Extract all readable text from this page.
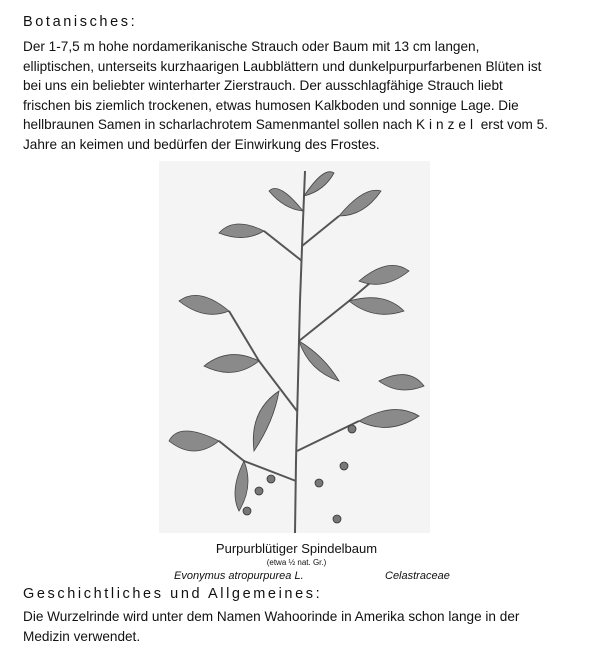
Botanisches:
Der 1-7,5 m hohe nordamerikanische Strauch oder Baum mit 13 cm langen,
elliptischen, unterseits kurzhaarigen Laubblättern und dunkelpurpurfarbenen Blüten ist
bei uns ein beliebter winterharter Zierstrauch. Der ausschlagfähige Strauch liebt
frischen bis ziemlich trockenen, etwas humosen Kalkboden und sonnige Lage. Die
hellbraunen Samen in scharlachrotem Samenmantel sollen nach Kinzel erst vom 5.
Jahre an keimen und bedürfen der Einwirkung des Frostes.
Purpurblütiger Spindelbaum
(etwa ½ nat. Gr.)
Evonymus atropurpurea L.	Celastraceae
Geschichtliches und Allgemeines:
Die Wurzelrinde wird unter dem Namen Wahoorinde in Amerika schon lange in der
Medizin verwendet.
